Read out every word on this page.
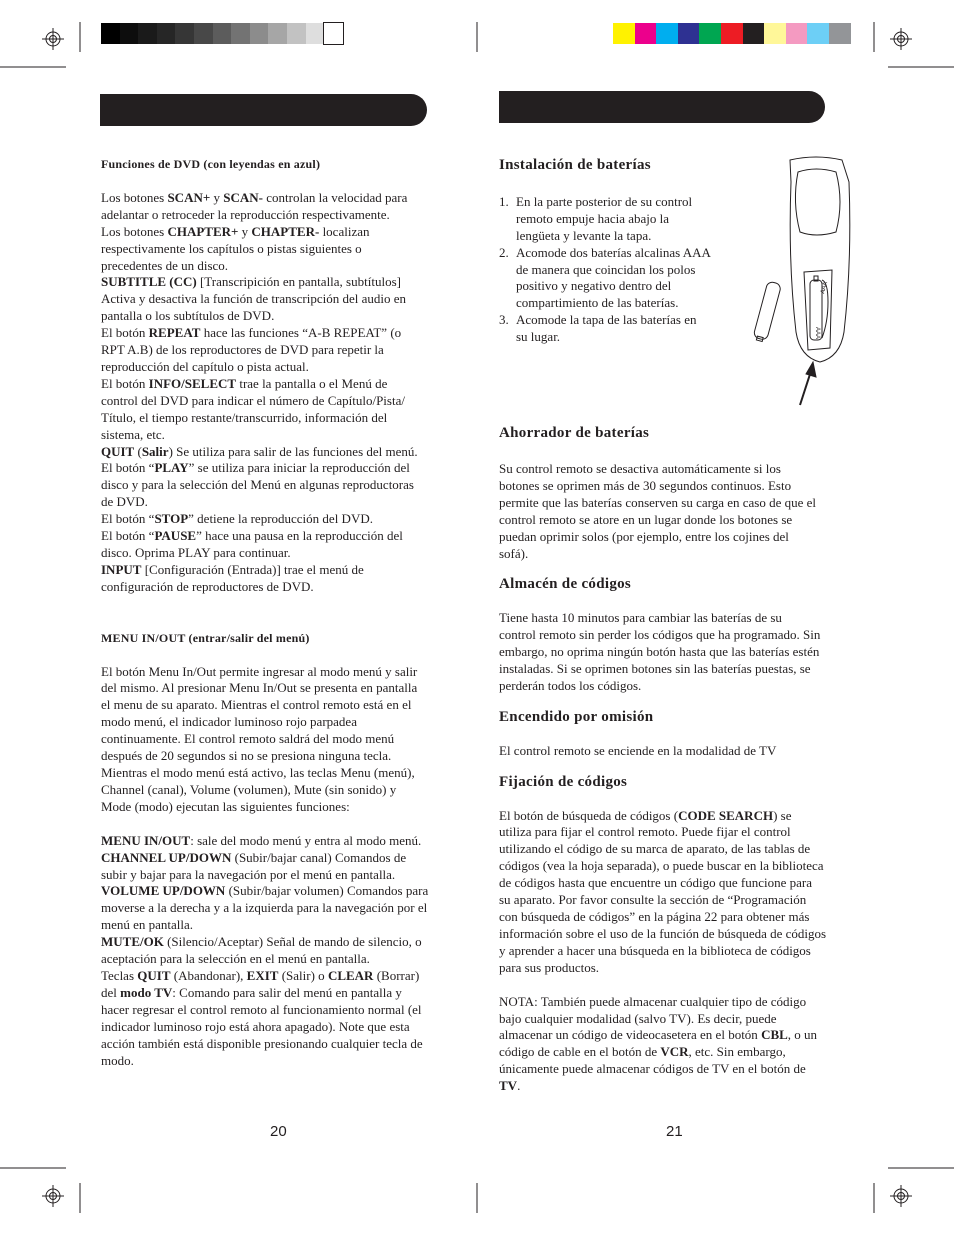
Funciones de DVD (con leyendas en azul)

Los botones SCAN+ y SCAN- controlan la velocidad para

adelantar o retroceder la reproducción respectivamente.

Los botones CHAPTER+ y CHAPTER- localizan

respectivamente los capítulos o pistas siguientes o

precedentes de un disco.

SUBTITLE (CC) [Transcripición en pantalla, subtítulos]

Activa y desactiva la función de transcripción del audio en

pantalla o los subtítulos de DVD.

El botón REPEAT hace las funciones “A-B REPEAT” (o

RPT A.B) de los reproductores de DVD para repetir la

reproducción del capítulo o pista actual.

El botón INFO/SELECT trae la pantalla o el Menú de

control del DVD para indicar el número de Capítulo/Pista/

Título, el tiempo restante/transcurrido, información del

sistema, etc.

QUIT (Salir) Se utiliza para salir de las funciones del menú.

El botón “PLAY” se utiliza para iniciar la reproducción del

disco y para la selección del Menú en algunas reproductoras

de DVD.

El botón “STOP” detiene la reproducción del DVD.

El botón “PAUSE” hace una pausa en la reproducción del

disco. Oprima PLAY para continuar.

INPUT [Configuración (Entrada)] trae el menú de

configuración de reproductores de DVD.

MENU IN/OUT (entrar/salir del menú)

El botón Menu In/Out permite ingresar al modo menú y salir

del mismo. Al presionar Menu In/Out se presenta en pantalla

el menu de su aparato. Mientras el control remoto está en el

modo menú, el indicador luminoso rojo parpadea

continuamente. El control remoto saldrá del modo menú

después de 20 segundos si no se presiona ninguna tecla.

Mientras el modo menú está activo, las teclas Menu (menú),

Channel (canal), Volume (volumen), Mute (sin sonido) y

Mode (modo) ejecutan las siguientes funciones:

MENU IN/OUT: sale del modo menú y entra al modo menú.

CHANNEL UP/DOWN (Subir/bajar canal) Comandos de

subir y bajar para la navegación por el menú en pantalla.

VOLUME UP/DOWN (Subir/bajar volumen) Comandos para

moverse a la derecha y a la izquierda para la navegación por el

menú en pantalla.

MUTE/OK (Silencio/Aceptar) Señal de mando de silencio, o

aceptación para la selección en el menú en pantalla.

Teclas QUIT (Abandonar), EXIT (Salir) o CLEAR (Borrar)

del modo TV: Comando para salir del menú en pantalla y

hacer regresar el control remoto al funcionamiento normal (el

indicador luminoso rojo está ahora apagado). Note que esta

acción también está disponible presionando cualquier tecla de

modo.

20

Instalación de baterías

1. En la parte posterior de su control
remoto empuje hacia abajo la
lengüeta y levante la tapa.
2. Acomode dos baterías alcalinas AAA
de manera que coincidan los polos
positivo y negativo dentro del
compartimiento de las baterías.
3. Acomode la tapa de las baterías en
su lugar.

Ahorrador de baterías

Su control remoto se desactiva automáticamente si los

botones se oprimen más de 30 segundos continuos. Esto

permite que las baterías conserven su carga en caso de que el

control remoto se atore en un lugar donde los botones se

puedan oprimir solos (por ejemplo, entre los cojines del

sofá).

Almacén de códigos

Tiene hasta 10 minutos para cambiar las baterías de su

control remoto sin perder los códigos que ha programado. Sin

embargo, no oprima ningún botón hasta que las baterías estén

instaladas. Si se oprimen botones sin las baterías puestas, se

perderán todos los códigos.

Encendido por omisión

El control remoto se enciende en la modalidad de TV

Fijación de códigos

El botón de búsqueda de códigos (CODE SEARCH) se

utiliza para fijar el control remoto. Puede fijar el control

utilizando el código de su marca de aparato, de las tablas de

códigos (vea la hoja separada), o puede buscar en la biblioteca

de códigos hasta que encuentre un código que funcione para

su aparato. Por favor consulte la sección de “Programación

con búsqueda de códigos” en la página 22 para obtener más

información sobre el uso de la función de búsqueda de códigos

y aprender a hacer una búsqueda en la biblioteca de códigos

para sus productos.

NOTA: También puede almacenar cualquier tipo de código

bajo cualquier modalidad (salvo TV). Es decir, puede

almacenar un código de videocasetera en el botón CBL, o un

código de cable en el botón de VCR, etc. Sin embargo,

únicamente puede almacenar códigos de TV en el botón de

TV.

21
AAA
AAA
